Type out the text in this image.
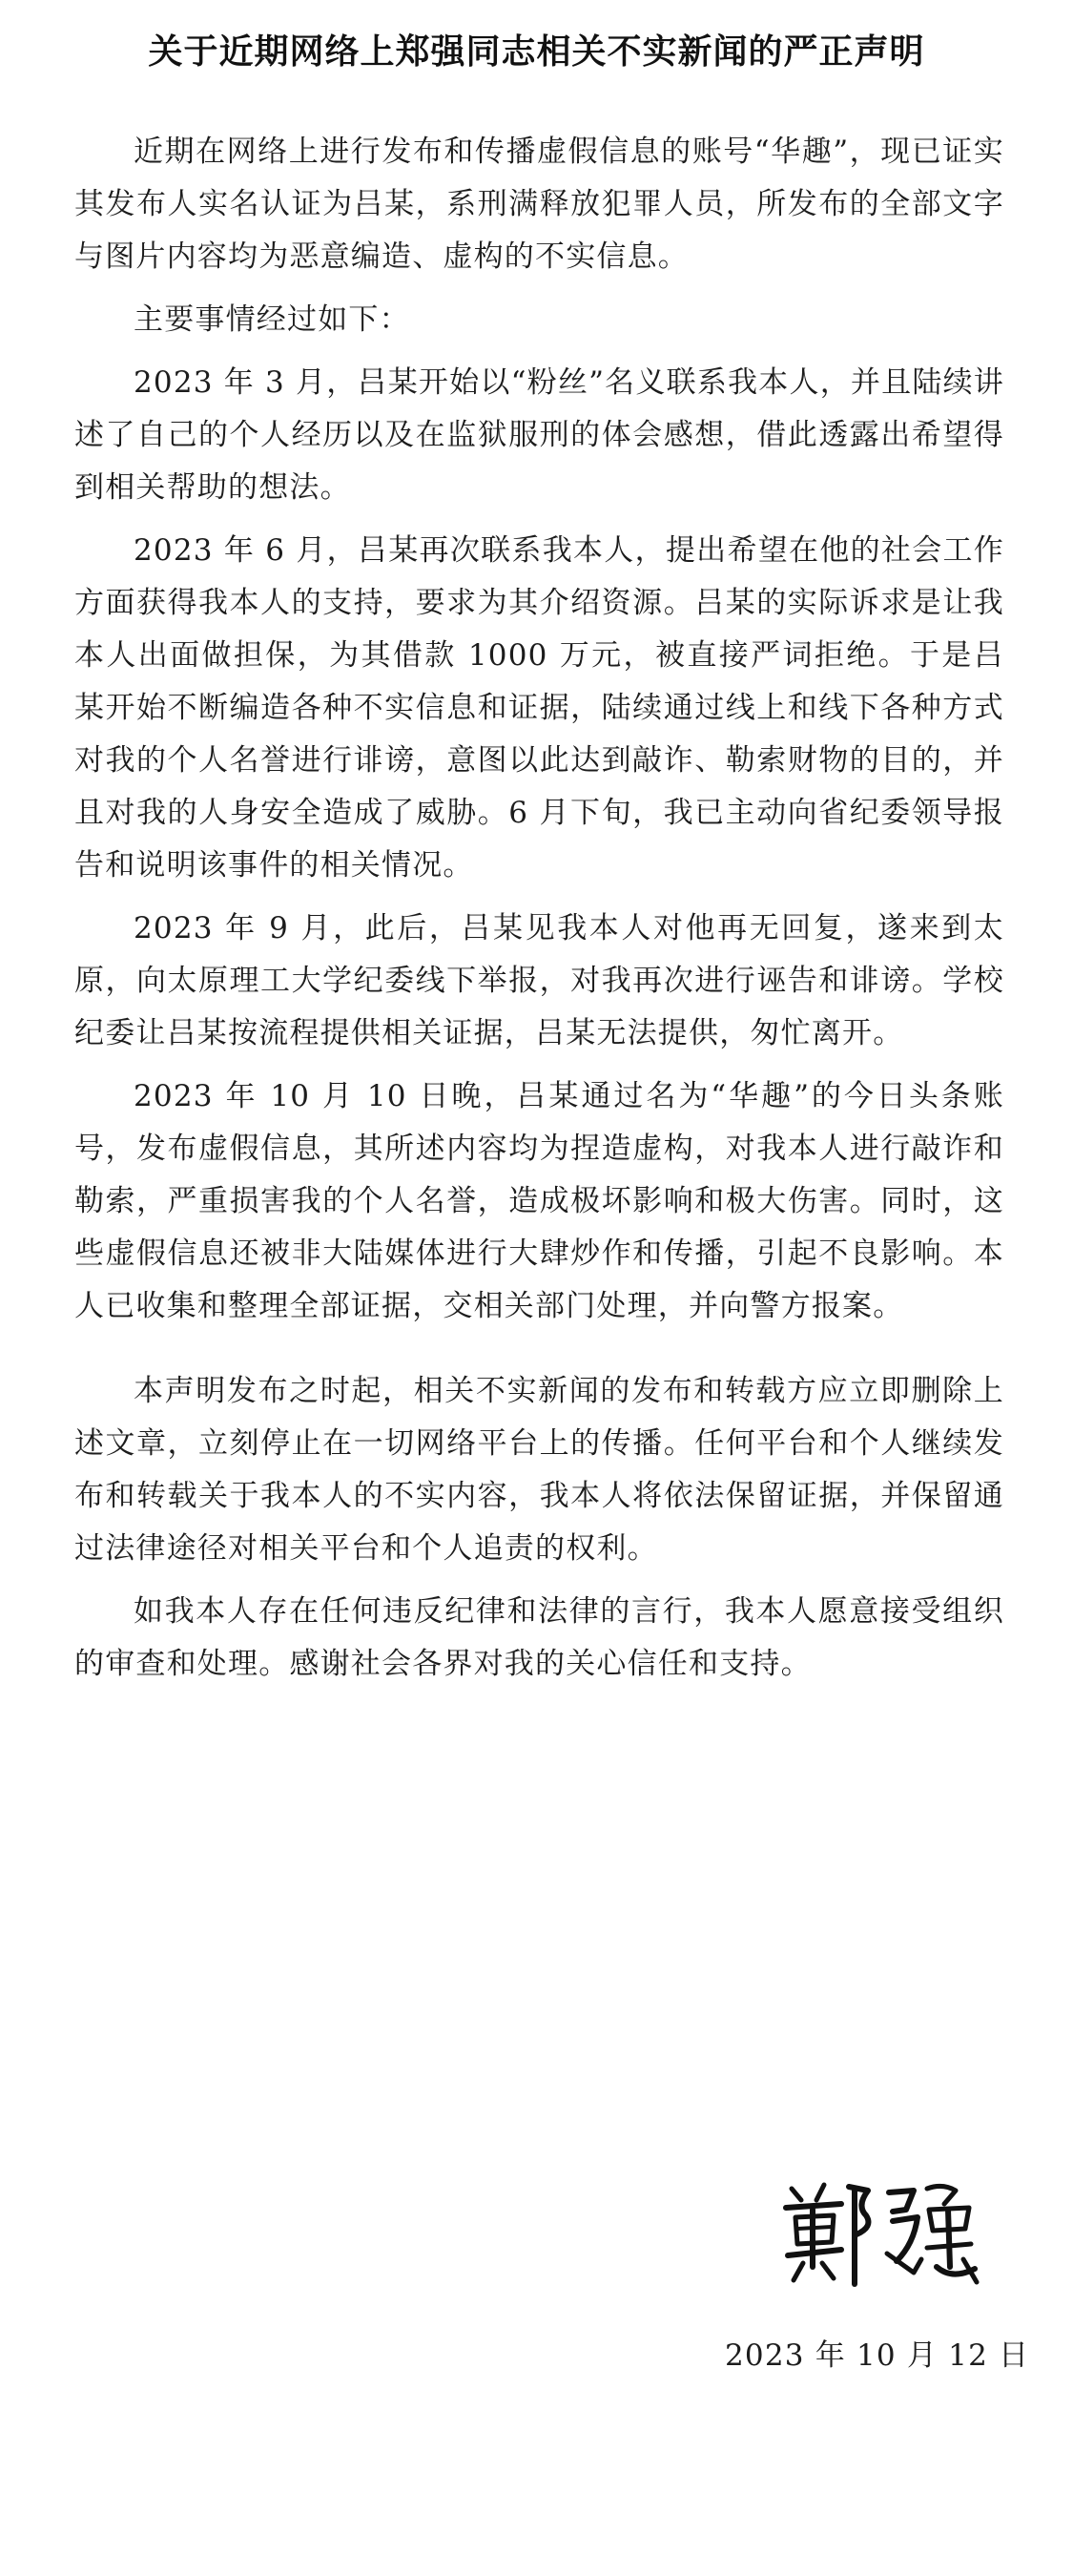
关于近期网络上郑强同志相关不实新闻的严正声明

近期在网络上进行发布和传播虚假信息的账号“华趣”，现已证实其发布人实名认证为吕某，系刑满释放犯罪人员，所发布的全部文字与图片内容均为恶意编造、虚构的不实信息。

主要事情经过如下：

2023 年 3 月，吕某开始以“粉丝”名义联系我本人，并且陆续讲述了自己的个人经历以及在监狱服刑的体会感想，借此透露出希望得到相关帮助的想法。

2023 年 6 月，吕某再次联系我本人，提出希望在他的社会工作方面获得我本人的支持，要求为其介绍资源。吕某的实际诉求是让我本人出面做担保，为其借款 1000 万元，被直接严词拒绝。于是吕某开始不断编造各种不实信息和证据，陆续通过线上和线下各种方式对我的个人名誉进行诽谤，意图以此达到敲诈、勒索财物的目的，并且对我的人身安全造成了威胁。6 月下旬，我已主动向省纪委领导报告和说明该事件的相关情况。

2023 年 9 月，此后，吕某见我本人对他再无回复，遂来到太原，向太原理工大学纪委线下举报，对我再次进行诬告和诽谤。学校纪委让吕某按流程提供相关证据，吕某无法提供，匆忙离开。

2023 年 10 月 10 日晚，吕某通过名为“华趣”的今日头条账号，发布虚假信息，其所述内容均为捏造虚构，对我本人进行敲诈和勒索，严重损害我的个人名誉，造成极坏影响和极大伤害。同时，这些虚假信息还被非大陆媒体进行大肆炒作和传播，引起不良影响。本人已收集和整理全部证据，交相关部门处理，并向警方报案。

本声明发布之时起，相关不实新闻的发布和转载方应立即删除上述文章，立刻停止在一切网络平台上的传播。任何平台和个人继续发布和转载关于我本人的不实内容，我本人将依法保留证据，并保留通过法律途径对相关平台和个人追责的权利。

如我本人存在任何违反纪律和法律的言行，我本人愿意接受组织的审查和处理。感谢社会各界对我的关心信任和支持。

2023 年 10 月 12 日
